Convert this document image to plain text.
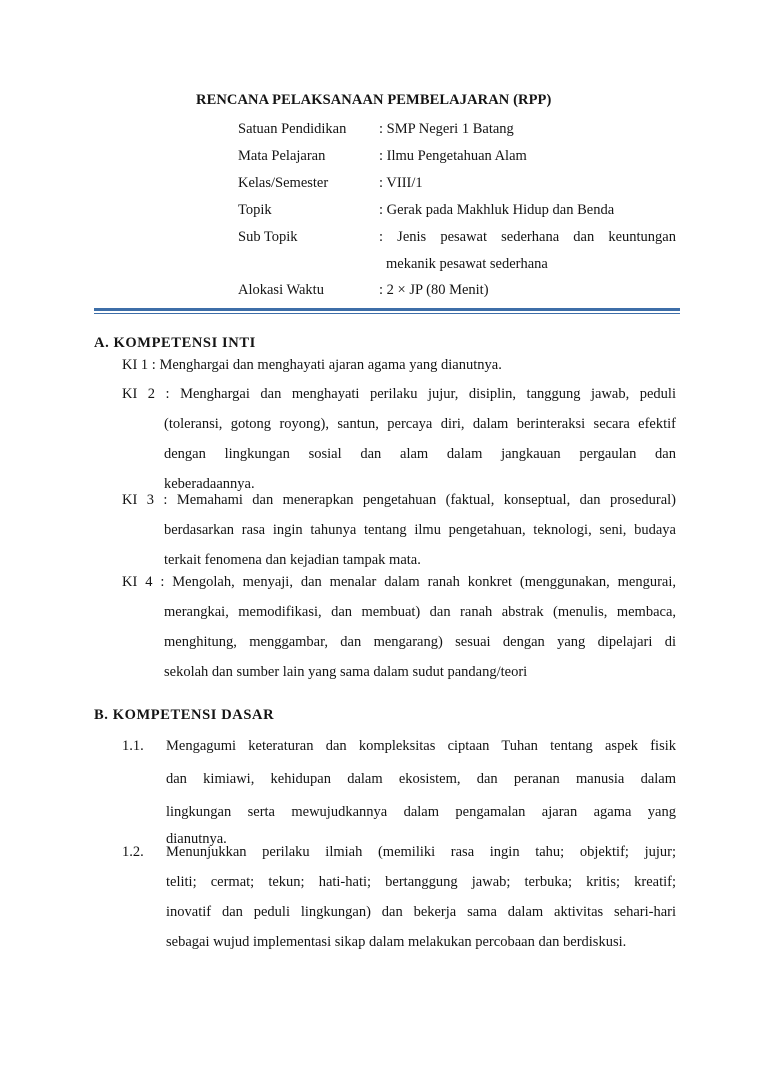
RENCANA PELAKSANAAN PEMBELAJARAN (RPP)
Satuan Pendidikan : SMP Negeri 1 Batang
Mata Pelajaran	: Ilmu Pengetahuan Alam
Kelas/Semester	: VIII/1
Topik	: Gerak pada Makhluk Hidup dan Benda
Sub Topik	: Jenis pesawat sederhana dan keuntungan
mekanik pesawat sederhana
Alokasi Waktu	: 2 × JP (80 Menit)
A. KOMPETENSI INTI
KI 1 : Menghargai dan menghayati ajaran agama yang dianutnya.
KI 2 : Menghargai dan menghayati perilaku jujur, disiplin, tanggung jawab, peduli
(toleransi, gotong royong), santun, percaya diri, dalam berinteraksi secara efektif
dengan lingkungan sosial dan alam dalam jangkauan pergaulan dan
keberadaannya.
KI 3 : Memahami dan menerapkan pengetahuan (faktual, konseptual, dan prosedural)
berdasarkan rasa ingin tahunya tentang ilmu pengetahuan, teknologi, seni, budaya
terkait fenomena dan kejadian tampak mata.
KI 4 : Mengolah, menyaji, dan menalar dalam ranah konkret (menggunakan, mengurai,
merangkai, memodifikasi, dan membuat) dan ranah abstrak (menulis, membaca,
menghitung, menggambar, dan mengarang) sesuai dengan yang dipelajari di
sekolah dan sumber lain yang sama dalam sudut pandang/teori
B. KOMPETENSI DASAR
1.1. Mengagumi keteraturan dan kompleksitas ciptaan Tuhan tentang aspek fisik
dan kimiawi, kehidupan dalam ekosistem, dan peranan manusia dalam
lingkungan serta mewujudkannya dalam pengamalan ajaran agama yang
dianutnya.
1.2. Menunjukkan perilaku ilmiah (memiliki rasa ingin tahu; objektif; jujur;
teliti; cermat; tekun; hati-hati; bertanggung jawab; terbuka; kritis; kreatif;
inovatif dan peduli lingkungan) dan bekerja sama dalam aktivitas sehari-hari
sebagai wujud implementasi sikap dalam melakukan percobaan dan berdiskusi.
